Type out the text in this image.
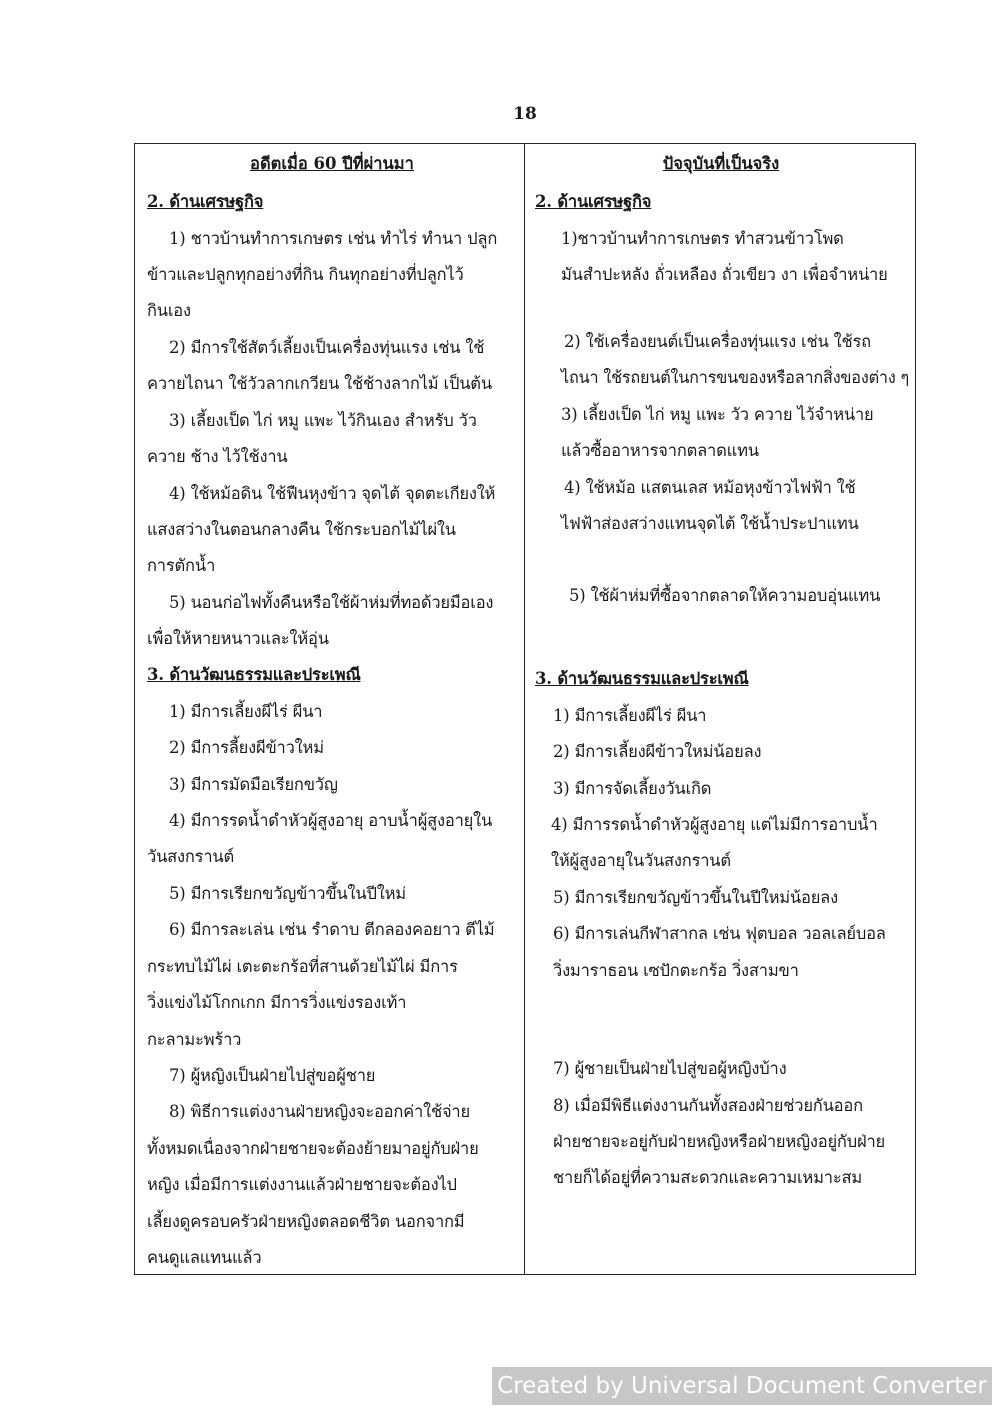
18
อดีตเมื่อ 60 ปีที่ผ่านมา
2. ด้านเศรษฐกิจ
1) ชาวบ้านทำการเกษตร เช่น ทำไร่ ทำนา ปลูก
ข้าวและปลูกทุกอย่างที่กิน กินทุกอย่างที่ปลูกไว้
กินเอง
2) มีการใช้สัตว์เลี้ยงเป็นเครื่องทุ่นแรง เช่น ใช้
ควายไถนา ใช้วัวลากเกวียน ใช้ช้างลากไม้ เป็นต้น
3) เลี้ยงเป็ด ไก่ หมู แพะ ไว้กินเอง สำหรับ วัว
ควาย ช้าง ไว้ใช้งาน
4) ใช้หม้อดิน ใช้ฟืนหุงข้าว จุดไต้ จุดตะเกียงให้
แสงสว่างในตอนกลางคืน ใช้กระบอกไม้ไผ่ใน
การตักน้ำ
5) นอนก่อไฟทั้งคืนหรือใช้ผ้าห่มที่ทอด้วยมือเอง
เพื่อให้หายหนาวและให้อุ่น
3. ด้านวัฒนธรรมและประเพณี
1) มีการเลี้ยงผีไร่ ผีนา
2) มีการลี้ยงผีข้าวใหม่
3) มีการมัดมือเรียกขวัญ
4) มีการรดน้ำดำหัวผู้สูงอายุ อาบน้ำผู้สูงอายุใน
วันสงกรานต์
5) มีการเรียกขวัญข้าวขึ้นในปีใหม่
6) มีการละเล่น เช่น รำดาบ ตีกลองคอยาว ตีไม้
กระทบไม้ไผ่ เตะตะกร้อที่สานด้วยไม้ไผ่ มีการ
วิ่งแข่งไม้โกกเกก มีการวิ่งแข่งรองเท้า
กะลามะพร้าว
7) ผู้หญิงเป็นฝ่ายไปสู่ขอผู้ชาย
8) พิธีการแต่งงานฝ่ายหญิงจะออกค่าใช้จ่าย
ทั้งหมดเนื่องจากฝ่ายชายจะต้องย้ายมาอยู่กับฝ่าย
หญิง เมื่อมีการแต่งงานแล้วฝ่ายชายจะต้องไป
เลี้ยงดูครอบครัวฝ่ายหญิงตลอดชีวิต นอกจากมี
คนดูแลแทนแล้ว
ปัจจุบันที่เป็นจริง
2. ด้านเศรษฐกิจ
1)ชาวบ้านทำการเกษตร ทำสวนข้าวโพด
มันสำปะหลัง ถั่วเหลือง ถั่วเขียว งา เพื่อจำหน่าย
2) ใช้เครื่องยนต์เป็นเครื่องทุ่นแรง เช่น ใช้รถ
ไถนา ใช้รถยนต์ในการขนของหรือลากสิ่งของต่าง ๆ
3) เลี้ยงเป็ด ไก่ หมู แพะ วัว ควาย ไว้จำหน่าย
แล้วซื้ออาหารจากตลาดแทน
4) ใช้หม้อ แสตนเลส หม้อหุงข้าวไฟฟ้า ใช้
ไฟฟ้าส่องสว่างแทนจุดไต้ ใช้น้ำประปาแทน
5) ใช้ผ้าห่มที่ซื้อจากตลาดให้ความอบอุ่นแทน
3. ด้านวัฒนธรรมและประเพณี
1) มีการเลี้ยงผีไร่ ผีนา
2) มีการเลี้ยงผีข้าวใหม่น้อยลง
3) มีการจัดเลี้ยงวันเกิด
4) มีการรดน้ำดำหัวผู้สูงอายุ แต่ไม่มีการอาบน้ำ
ให้ผู้สูงอายุในวันสงกรานต์
5) มีการเรียกขวัญข้าวขึ้นในปีใหม่น้อยลง
6) มีการเล่นกีฬาสากล เช่น ฟุตบอล วอลเลย์บอล
วิ่งมาราธอน เซปักตะกร้อ วิ่งสามขา
7) ผู้ชายเป็นฝ่ายไปสู่ขอผู้หญิงบ้าง
8) เมื่อมีพิธีแต่งงานกันทั้งสองฝ่ายช่วยกันออก
ฝ่ายชายจะอยู่กับฝ่ายหญิงหรือฝ่ายหญิงอยู่กับฝ่าย
ชายก็ได้อยู่ที่ความสะดวกและความเหมาะสม
Created by Universal Document Converter
